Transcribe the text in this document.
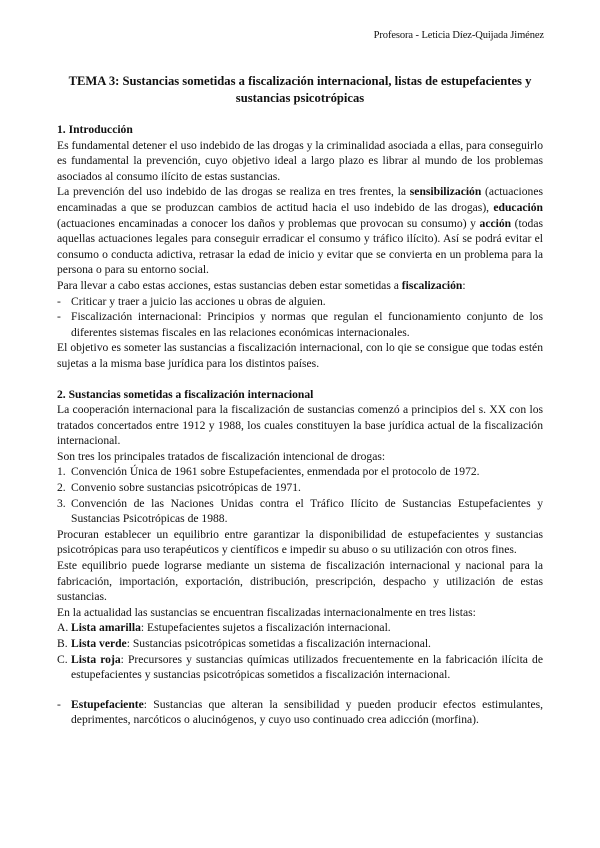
Profesora - Leticia Díez-Quijada Jiménez
TEMA 3: Sustancias sometidas a fiscalización internacional, listas de estupefacientes y sustancias psicotrópicas

1. Introducción

Es fundamental detener el uso indebido de las drogas y la criminalidad asociada a ellas, para conseguirlo es fundamental la prevención, cuyo objetivo ideal a largo plazo es librar al mundo de los problemas asociados al consumo ilícito de estas sustancias.

La prevención del uso indebido de las drogas se realiza en tres frentes, la sensibilización (actuaciones encaminadas a que se produzcan cambios de actitud hacia el uso indebido de las drogas), educación (actuaciones encaminadas a conocer los daños y problemas que provocan su consumo) y acción (todas aquellas actuaciones legales para conseguir erradicar el consumo y tráfico ilícito). Así se podrá evitar el consumo o conducta adictiva, retrasar la edad de inicio y evitar que se convierta en un problema para la persona o para su entorno social.

Para llevar a cabo estas acciones, estas sustancias deben estar sometidas a fiscalización:

- Criticar y traer a juicio las acciones u obras de alguien.
- Fiscalización internacional: Principios y normas que regulan el funcionamiento conjunto de los diferentes sistemas fiscales en las relaciones económicas internacionales.

El objetivo es someter las sustancias a fiscalización internacional, con lo qie se consigue que todas estén sujetas a la misma base jurídica para los distintos países.

2. Sustancias sometidas a fiscalización internacional

La cooperación internacional para la fiscalización de sustancias comenzó a principios del s. XX con los tratados concertados entre 1912 y 1988, los cuales constituyen la base jurídica actual de la fiscalización internacional.

Son tres los principales tratados de fiscalización intencional de drogas:

1. Convención Única de 1961 sobre Estupefacientes, enmendada por el protocolo de 1972.
2. Convenio sobre sustancias psicotrópicas de 1971.
3. Convención de las Naciones Unidas contra el Tráfico Ilícito de Sustancias Estupefacientes y Sustancias Psicotrópicas de 1988.

Procuran establecer un equilibrio entre garantizar la disponibilidad de estupefacientes y sustancias psicotrópicas para uso terapéuticos y científicos e impedir su abuso o su utilización con otros fines.

Este equilibrio puede lograrse mediante un sistema de fiscalización internacional y nacional para la fabricación, importación, exportación, distribución, prescripción, despacho y utilización de estas sustancias.

En la actualidad las sustancias se encuentran fiscalizadas internacionalmente en tres listas:

A. Lista amarilla: Estupefacientes sujetos a fiscalización internacional.
B. Lista verde: Sustancias psicotrópicas sometidas a fiscalización internacional.
C. Lista roja: Precursores y sustancias químicas utilizados frecuentemente en la fabricación ilícita de estupefacientes y sustancias psicotrópicas sometidos a fiscalización internacional.
- Estupefaciente: Sustancias que alteran la sensibilidad y pueden producir efectos estimulantes, deprimentes, narcóticos o alucinógenos, y cuyo uso continuado crea adicción (morfina).
